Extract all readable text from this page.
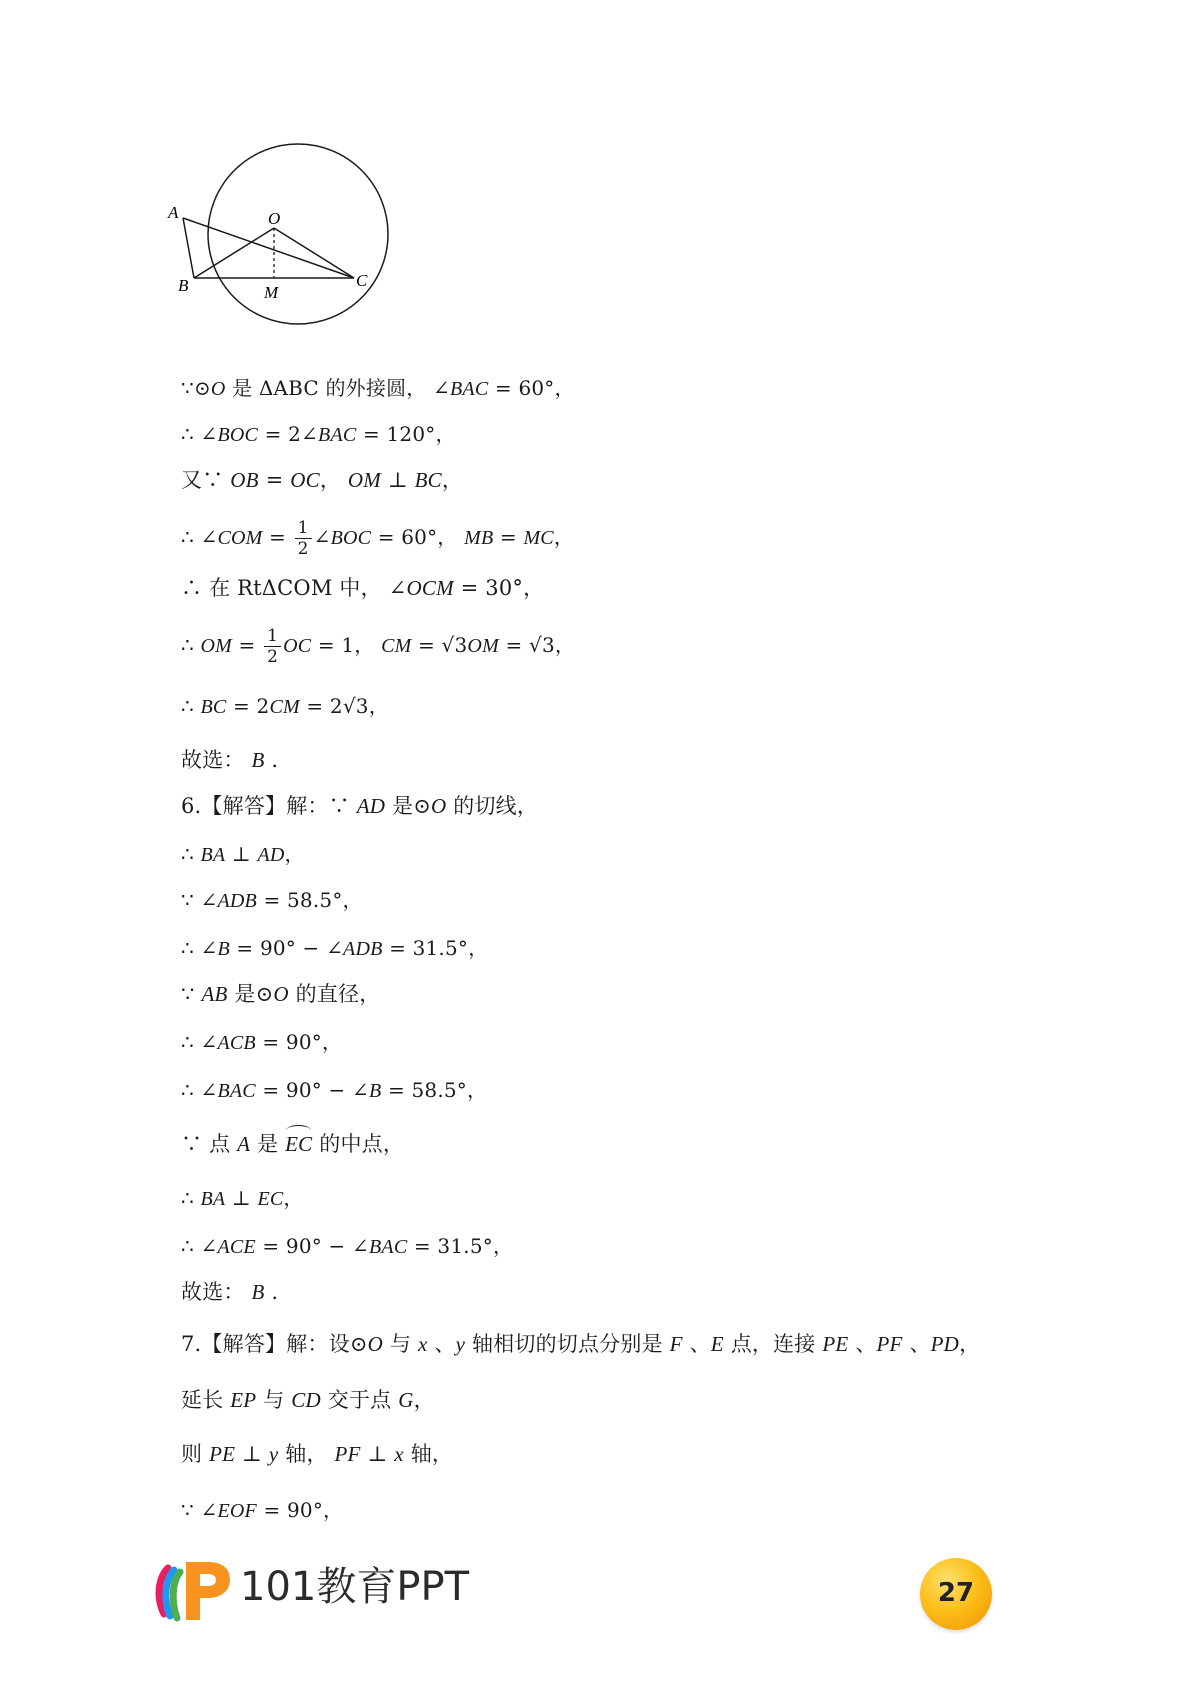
A	O
B	M
C
∵⊙O 是 ΔABC 的外接圆， ∠BAC = 60°，
∴ ∠BOC = 2∠BAC = 120°，
又∵ OB = OC， OM ⊥ BC，
∴ ∠COM = $\frac{1}{2}$ ∠BOC = 60°， MB = MC，
∴ 在 RtΔCOM 中， ∠OCM = 30°，
∴ OM = $\frac{1}{2}$ OC = 1， CM = √3OM = √3，
∴ BC = 2CM = 2√3，
故选： B .
6.【解答】解：∵ AD 是⊙O 的切线，
∴ BA ⊥ AD，
∵ ∠ADB = 58.5°，
∴ ∠B = 90° − ∠ADB = 31.5°，
∵ AB 是⊙O 的直径，
∴ ∠ACB = 90°，
∴ ∠BAC = 90° − ∠B = 58.5°，
∵ 点 A 是 EC 的中点，
∴ BA ⊥ EC，
∴ ∠ACE = 90° − ∠BAC = 31.5°，
故选： B .
7.【解答】解：设⊙O 与 x 、y 轴相切的切点分别是 F 、E 点，连接 PE 、PF 、PD，
延长 EP 与 CD 交于点 G，
则 PE ⊥ y 轴， PF ⊥ x 轴，
∵ ∠EOF = 90°，
101教育PPT	27
